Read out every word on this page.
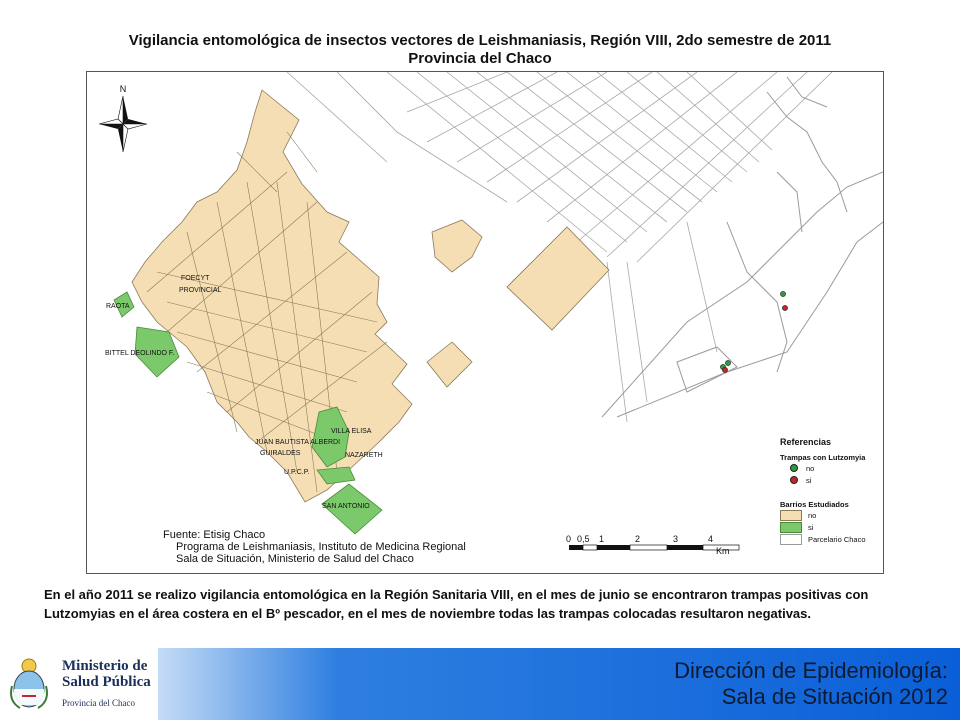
Vigilancia entomológica de insectos vectores de Leishmaniasis, Región VIII, 2do semestre de 2011
Provincia del Chaco
FOECYT
PROVINCIAL
RAOTA
BITTEL DEOLINDO F.
VILLA ELISA
JUAN BAUTISTA ALBERDI
GUIRALDES	NAZARETH
U.P.C.P.
SAN ANTONIO
N
0 0,5 1	2	3	4
Km
Referencias
Trampas con Lutzomyia
no
si
Barrios Estudiados
no
si
Parcelario Chaco
Fuente: Etisig Chaco
Programa de Leishmaniasis, Instituto de Medicina Regional
Sala de Situación, Ministerio de Salud del Chaco
En el año 2011 se realizo vigilancia entomológica en la Región Sanitaria VIII, en el mes de junio se encontraron trampas positivas con Lutzomyias en el área costera en el Bº pescador, en el mes de noviembre todas las trampas colocadas resultaron negativas.
Ministerio de
Salud Pública
Provincia del Chaco
Dirección de Epidemiología:
Sala de Situación 2012
